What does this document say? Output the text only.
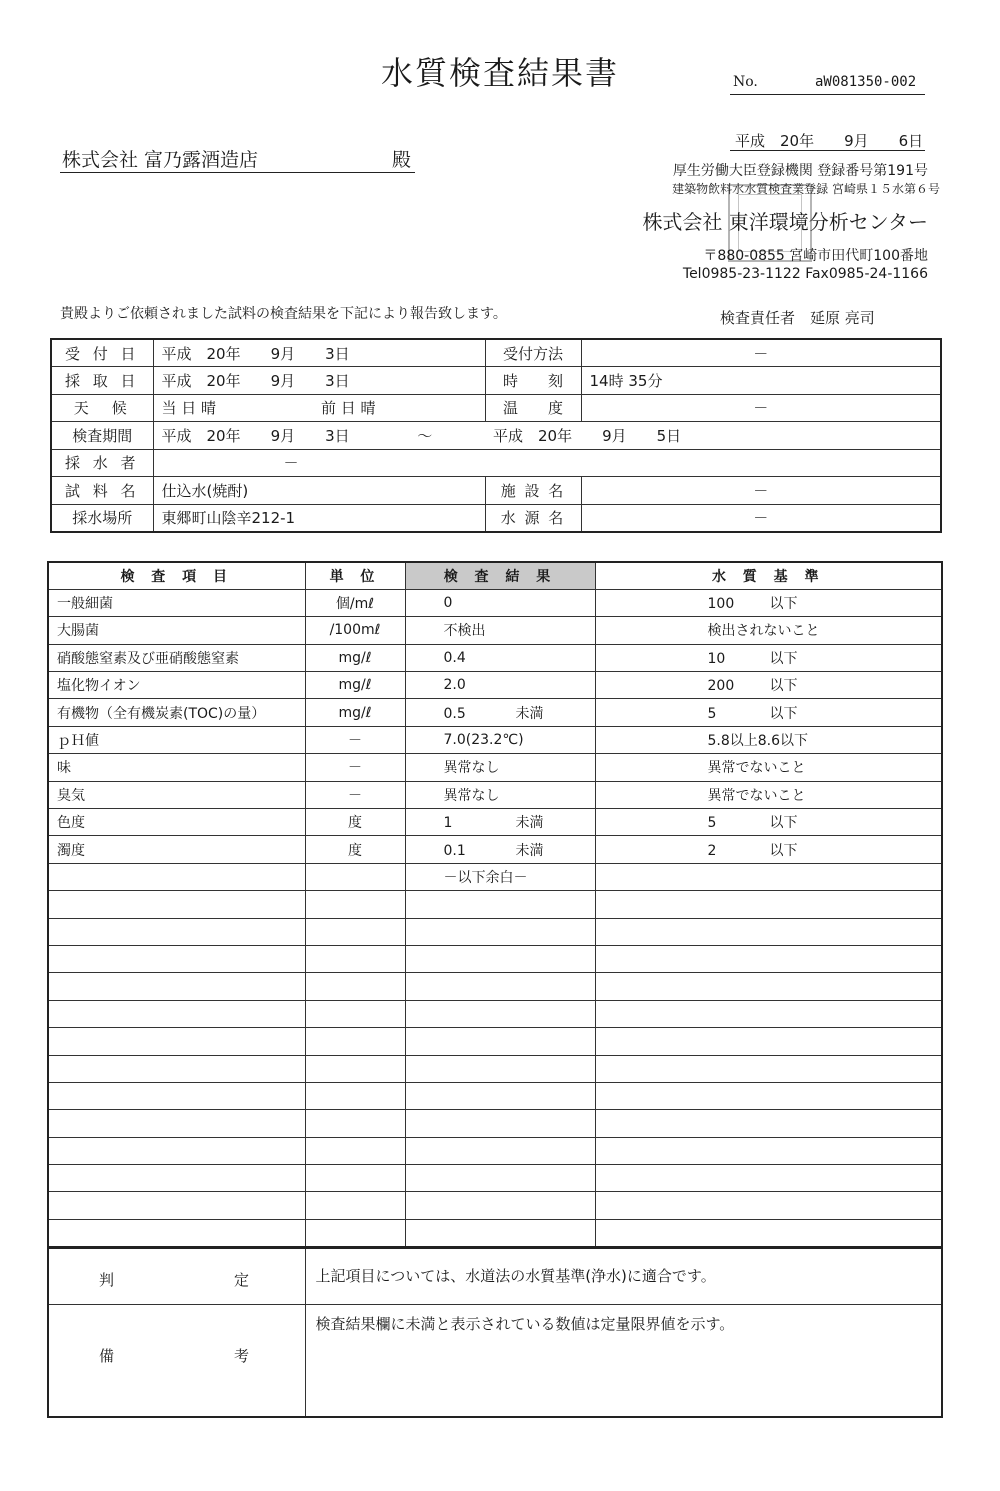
水質検査結果書	No.	aW081350-002
平成　20年　　9月　　6日
株式会社 富乃露酒造店	殿	厚生労働大臣登録機関 登録番号第191号
建築物飲料水水質検査業登録 宮崎県１５水第６号
株式会社 東洋環境分析センター
〒880-0855 宮崎市田代町100番地
Tel0985-23-1122 Fax0985-24-1166
貴殿よりご依頼されました試料の検査結果を下記により報告致します。	検査責任者　延原 亮司
受 付 日	平成　20年　　9月　　3日		受付方法	－
採 取 日	平成　20年　　9月　　3日		時　　刻	14時 35分
天　候	当 日 晴	前 日 晴	温　　度	－
検査期間	平成　20年　　9月　　3日 ～		平成　20年　　9月　　5日	
採 水 者	－			
試 料 名	仕込水(焼酎)		施 設 名	－
採水場所	東郷町山陰辛212-1		水 源 名	－
検 査 項 目	単 位	検 査 結 果	水 質 基 準
一般細菌	個/mℓ	0	100 以下
大腸菌	/100mℓ	不検出	検出されないこと
硝酸態窒素及び亜硝酸態窒素	mg/ℓ	0.4	10 以下
塩化物イオン	mg/ℓ	2.0	200 以下
有機物（全有機炭素(TOC)の量）	mg/ℓ	0.5 未満	5 以下
ｐＨ値	－	7.0(23.2℃)	5.8以上8.6以下
味	－	異常なし	異常でないこと
臭気	－	異常なし	異常でないこと
色度	度	1 未満	5 以下
濁度	度	0.1 未満	2 以下
		－以下余白－	

判 定	上記項目については、水道法の水質基準(浄水)に適合です。

備 考	検査結果欄に未満と表示されている数値は定量限界値を示す。
